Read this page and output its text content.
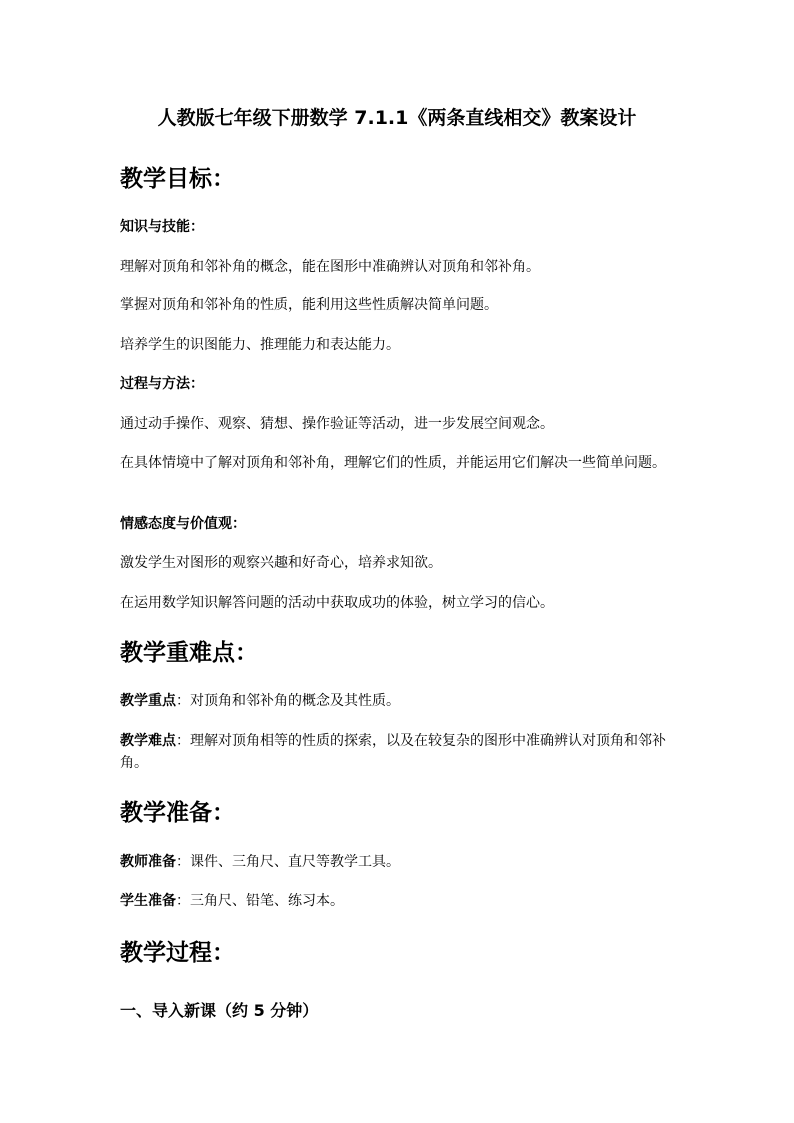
人教版七年级下册数学 7.1.1《两条直线相交》教案设计
教学目标：
知识与技能：
理解对顶角和邻补角的概念，能在图形中准确辨认对顶角和邻补角。
掌握对顶角和邻补角的性质，能利用这些性质解决简单问题。
培养学生的识图能力、推理能力和表达能力。
过程与方法：
通过动手操作、观察、猜想、操作验证等活动，进一步发展空间观念。
在具体情境中了解对顶角和邻补角，理解它们的性质，并能运用它们解决一些简单问题。
情感态度与价值观：
激发学生对图形的观察兴趣和好奇心，培养求知欲。
在运用数学知识解答问题的活动中获取成功的体验，树立学习的信心。
教学重难点：
教学重点：对顶角和邻补角的概念及其性质。
教学难点：理解对顶角相等的性质的探索，以及在较复杂的图形中准确辨认对顶角和邻补角。
教学准备：
教师准备：课件、三角尺、直尺等教学工具。
学生准备：三角尺、铅笔、练习本。
教学过程：
一、导入新课（约 5 分钟）
